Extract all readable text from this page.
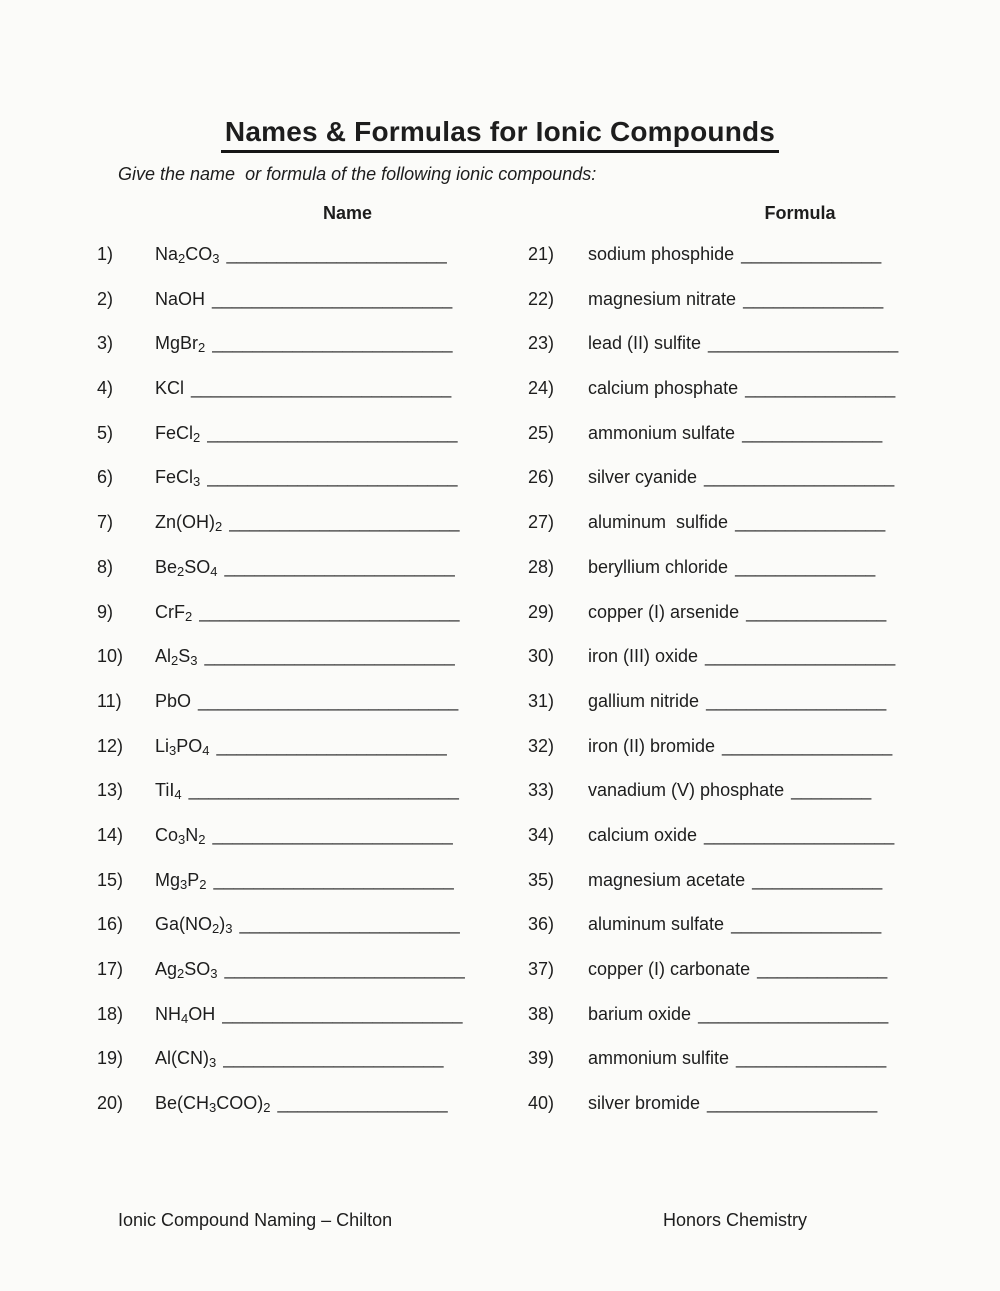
Names & Formulas for Ionic Compounds
Give the name  or formula of the following ionic compounds:
Name	Formula
1)	$Na_2CO_3$ ______________________
2)	NaOH ________________________
3)	MgBr$_2$ ________________________
4)	KCl __________________________
5)	FeCl$_2$ _________________________
6)	FeCl$_3$ _________________________
7)	$Zn(OH)_2$ _______________________
8)	$Be_2SO_4$ _______________________
9)	CrF$_2$ __________________________
10)	$Al_2S_3$ _________________________
11)	PbO __________________________
12)	$Li_3PO_4$ _______________________
13)	TiI$_4$ ___________________________
14)	$Co_3N_2$ ________________________
15)	$Mg_3P_2$ ________________________
16)	$Ga(NO_2)_3$ ______________________
17)	$Ag_2SO_3$ ________________________
18)	$NH_4OH$ ________________________
19)	$Al(CN)_3$ ______________________
20)	$Be(CH_3COO)_2$ _________________
21)	sodium phosphide ______________
22)	magnesium nitrate ______________
23)	lead (II) sulfite ___________________
24)	calcium phosphate _______________
25)	ammonium sulfate ______________
26)	silver cyanide ___________________
27)	aluminum  sulfide _______________
28)	beryllium chloride ______________
29)	copper (I) arsenide ______________
30)	iron (III) oxide ___________________
31)	gallium nitride __________________
32)	iron (II) bromide _________________
33)	vanadium (V) phosphate ________
34)	calcium oxide ___________________
35)	magnesium acetate _____________
36)	aluminum sulfate _______________
37)	copper (I) carbonate _____________
38)	barium oxide ___________________
39)	ammonium sulfite _______________
40)	silver bromide _________________
Ionic Compound Naming – Chilton	Honors Chemistry
